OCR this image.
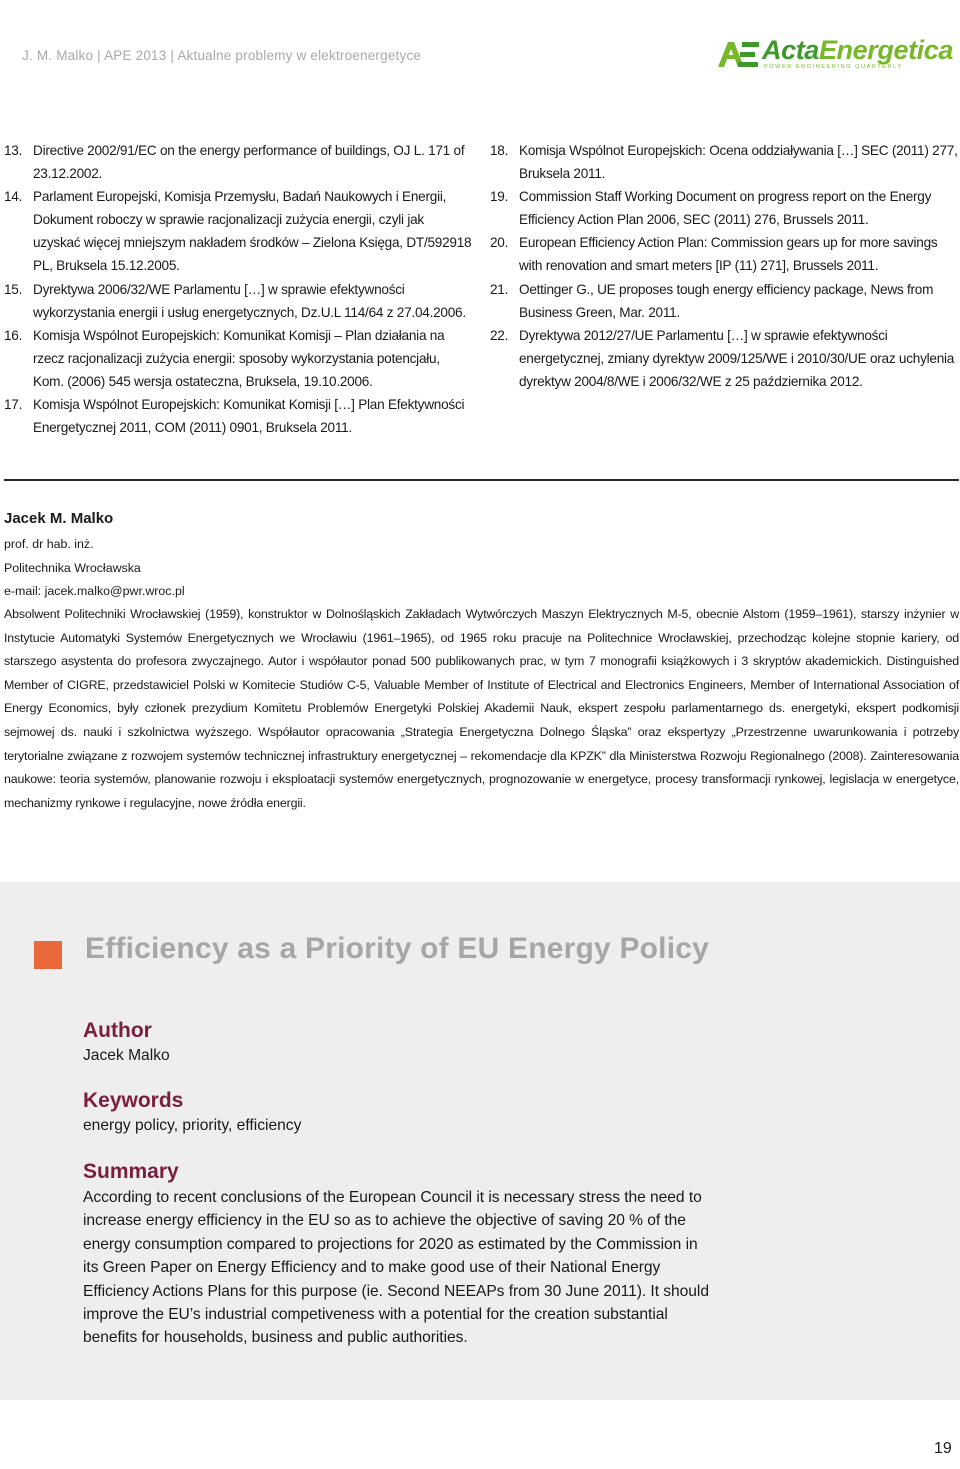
J. M. Malko | APE 2013 | Aktualne problemy w elektroenergetyce	ActaEnergetica
POWER ENGINEERING QUARTERLY
13. Directive 2002/91/EC on the energy performance of buildings, OJ L. 171 of 23.12.2002.
14. Parlament Europejski, Komisja Przemysłu, Badań Naukowych i Energii, Dokument roboczy w sprawie racjonalizacji zużycia energii, czyli jak uzyskać więcej mniejszym nakładem środków – Zielona Księga, DT/592918 PL, Bruksela 15.12.2005.
15. Dyrektywa 2006/32/WE Parlamentu […] w sprawie efektywności wykorzystania energii i usług energetycznych, Dz.U.L 114/64 z 27.04.2006.
16. Komisja Wspólnot Europejskich: Komunikat Komisji – Plan działania na rzecz racjonalizacji zużycia energii: sposoby wykorzystania potencjału, Kom. (2006) 545 wersja ostateczna, Bruksela, 19.10.2006.
17. Komisja Wspólnot Europejskich: Komunikat Komisji […] Plan Efektywności Energetycznej 2011, COM (2011) 0901, Bruksela 2011.
18. Komisja Wspólnot Europejskich: Ocena oddziaływania […] SEC (2011) 277, Bruksela 2011.
19. Commission Staff Working Document on progress report on the Energy Efficiency Action Plan 2006, SEC (2011) 276, Brussels 2011.
20. European Efficiency Action Plan: Commission gears up for more savings with renovation and smart meters [IP (11) 271], Brussels 2011.
21. Oettinger G., UE proposes tough energy efficiency package, News from Business Green, Mar. 2011.
22. Dyrektywa 2012/27/UE Parlamentu […] w sprawie efektywności energetycznej, zmiany dyrektyw 2009/125/WE i 2010/30/UE oraz uchylenia dyrektyw 2004/8/WE i 2006/32/WE z 25 października 2012.
Jacek M. Malko
prof. dr hab. inż.
Politechnika Wrocławska
e-mail: jacek.malko@pwr.wroc.pl
Absolwent Politechniki Wrocławskiej (1959), konstruktor w Dolnośląskich Zakładach Wytwórczych Maszyn Elektrycznych M-5, obecnie Alstom (1959–1961), starszy inżynier w Instytucie Automatyki Systemów Energetycznych we Wrocławiu (1961–1965), od 1965 roku pracuje na Politechnice Wrocławskiej, przechodząc kolejne stopnie kariery, od starszego asystenta do profesora zwyczajnego. Autor i współautor ponad 500 publikowanych prac, w tym 7 monografii książkowych i 3 skryptów akademickich. Distinguished Member of CIGRE, przedstawiciel Polski w Komitecie Studiów C-5, Valuable Member of Institute of Electrical and Electronics Engineers, Member of International Association of Energy Economics, były członek prezydium Komitetu Problemów Energetyki Polskiej Akademii Nauk, ekspert zespołu parlamentarnego ds. energetyki, ekspert podkomisji sejmowej ds. nauki i szkolnictwa wyższego. Współautor opracowania „Strategia Energetyczna Dolnego Śląska” oraz ekspertyzy „Przestrzenne uwarunkowania i potrzeby terytorialne związane z rozwojem systemów technicznej infrastruktury energetycznej – rekomendacje dla KPZK” dla Ministerstwa Rozwoju Regionalnego (2008). Zainteresowania naukowe: teoria systemów, planowanie rozwoju i eksploatacji systemów energetycznych, prognozowanie w energetyce, procesy transformacji rynkowej, legislacja w energetyce, mechanizmy rynkowe i regulacyjne, nowe źródła energii.
Efficiency as a Priority of EU Energy Policy
Author
Jacek Malko
Keywords
energy policy, priority, efficiency
Summary
According to recent conclusions of the European Council it is necessary stress the need to increase energy efficiency in the EU so as to achieve the objective of saving 20 % of the energy consumption compared to projections for 2020 as estimated by the Commission in its Green Paper on Energy Efficiency and to make good use of their National Energy Efficiency Actions Plans for this purpose (ie. Second NEEAPs from 30 June 2011). It should improve the EU’s industrial competiveness with a potential for the creation substantial benefits for households, business and public authorities.
19
